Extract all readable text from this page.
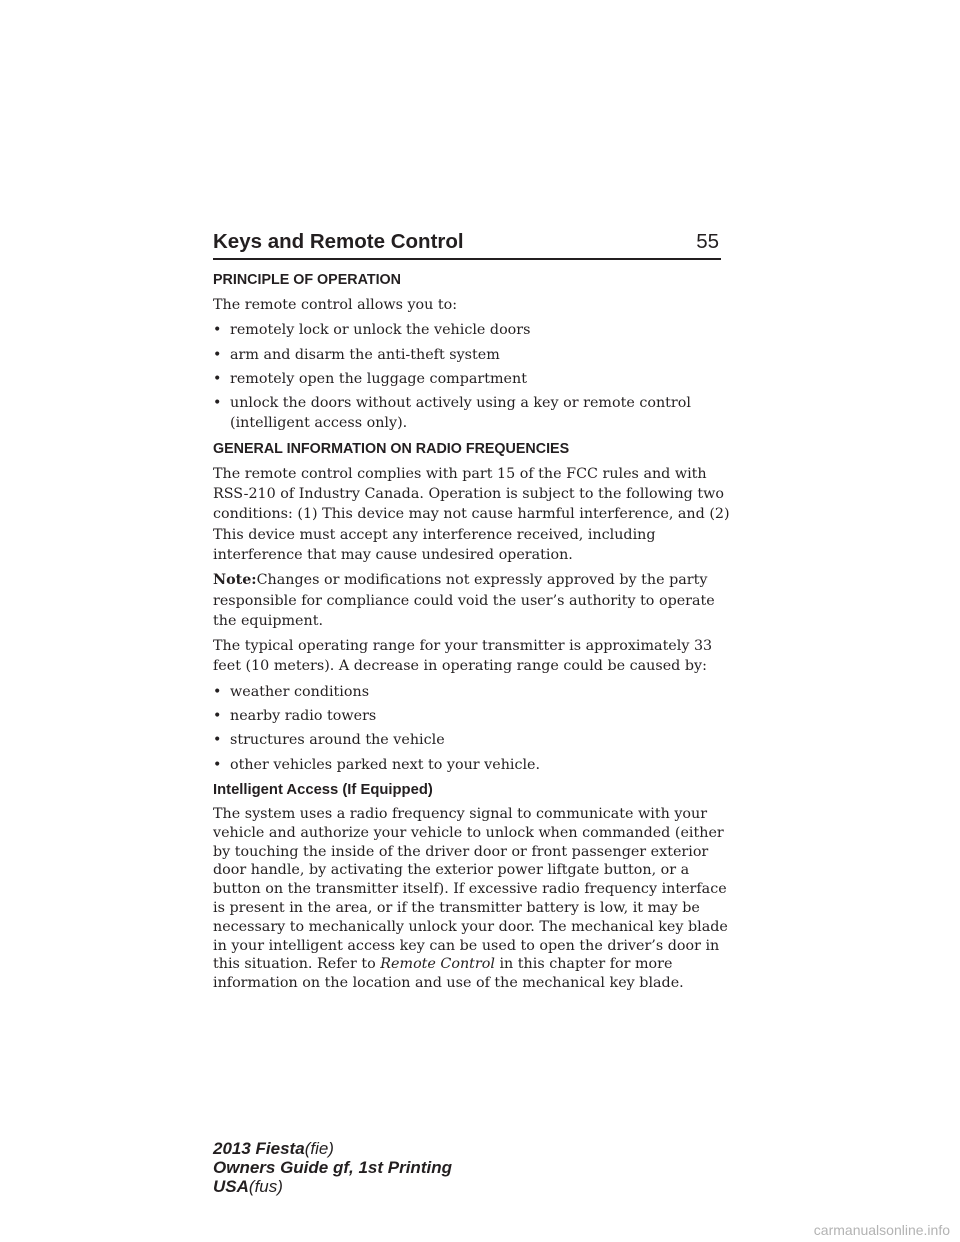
Keys and Remote Control	55
PRINCIPLE OF OPERATION

The remote control allows you to:

• remotely lock or unlock the vehicle doors
• arm and disarm the anti-theft system
• remotely open the luggage compartment
• unlock the doors without actively using a key or remote control (intelligent access only).
GENERAL INFORMATION ON RADIO FREQUENCIES

The remote control complies with part 15 of the FCC rules and with RSS-210 of Industry Canada. Operation is subject to the following two conditions: (1) This device may not cause harmful interference, and (2) This device must accept any interference received, including interference that may cause undesired operation.

Note:Changes or modifications not expressly approved by the party responsible for compliance could void the user’s authority to operate the equipment.

The typical operating range for your transmitter is approximately 33 feet (10 meters). A decrease in operating range could be caused by:

• weather conditions
• nearby radio towers
• structures around the vehicle
• other vehicles parked next to your vehicle.
Intelligent Access (If Equipped)

The system uses a radio frequency signal to communicate with your vehicle and authorize your vehicle to unlock when commanded (either by touching the inside of the driver door or front passenger exterior door handle, by activating the exterior power liftgate button, or a button on the transmitter itself). If excessive radio frequency interface is present in the area, or if the transmitter battery is low, it may be necessary to mechanically unlock your door. The mechanical key blade in your intelligent access key can be used to open the driver’s door in this situation. Refer to Remote Control in this chapter for more information on the location and use of the mechanical key blade.

2013 Fiesta(fie)
Owners Guide gf, 1st Printing
USA(fus)
carmanualsonline.info
